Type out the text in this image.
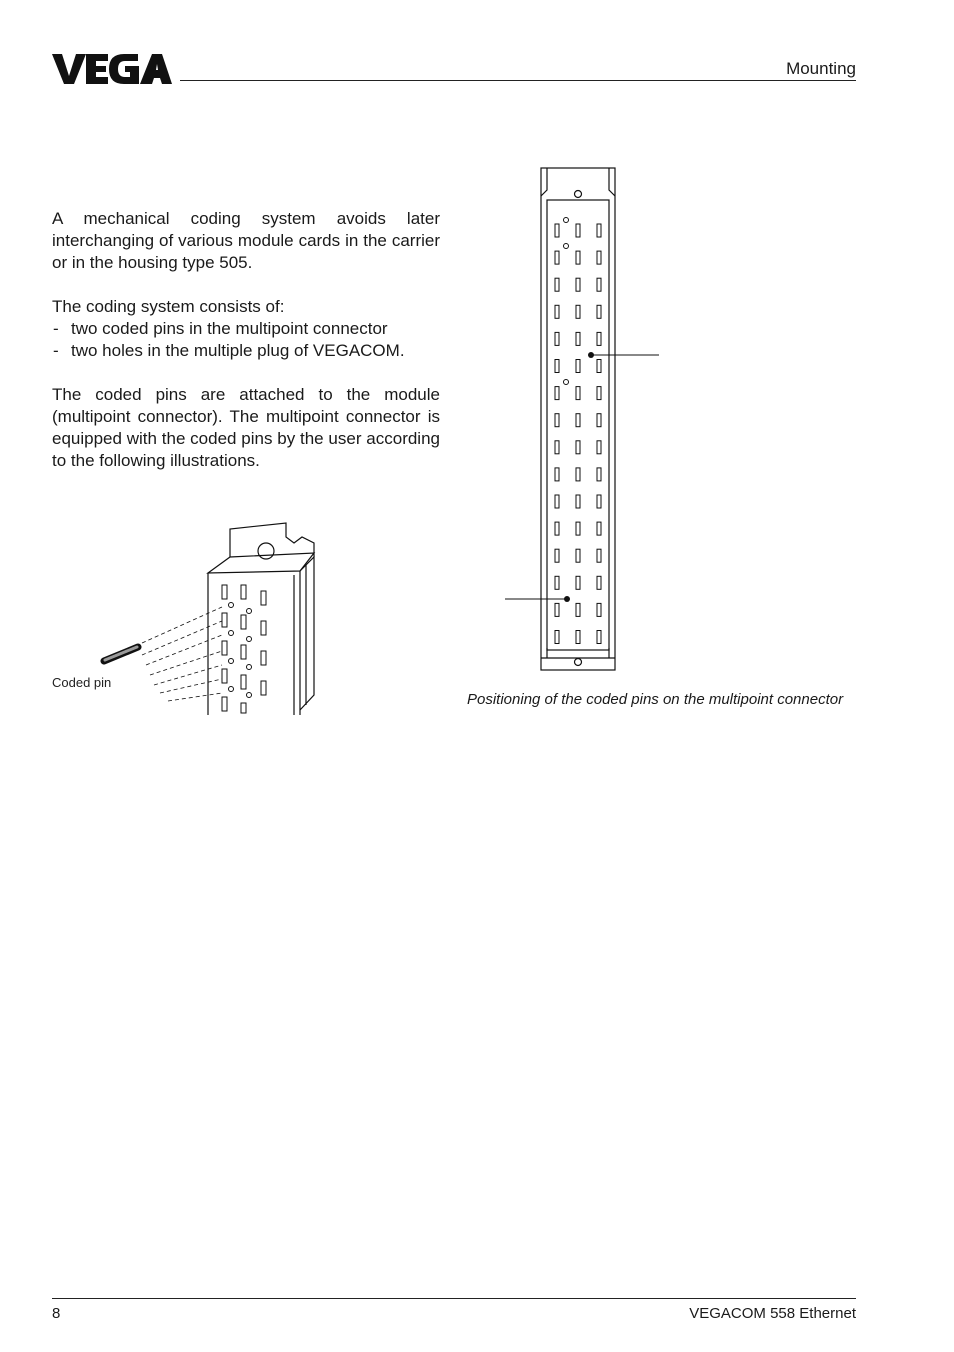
Mounting

A mechanical coding system avoids later interchanging of various module cards in the carrier or in the housing type 505.

The coding system consists of:
- two coded pins in the multipoint connector
- two holes in the multiple plug of VEGACOM.

The coded pins are attached to the module (multipoint connector). The multipoint connector is equipped with the coded pins by the user according to the following illustrations.

Coded pin
Positioning of the coded pins on the multipoint connector
8	VEGACOM 558 Ethernet
